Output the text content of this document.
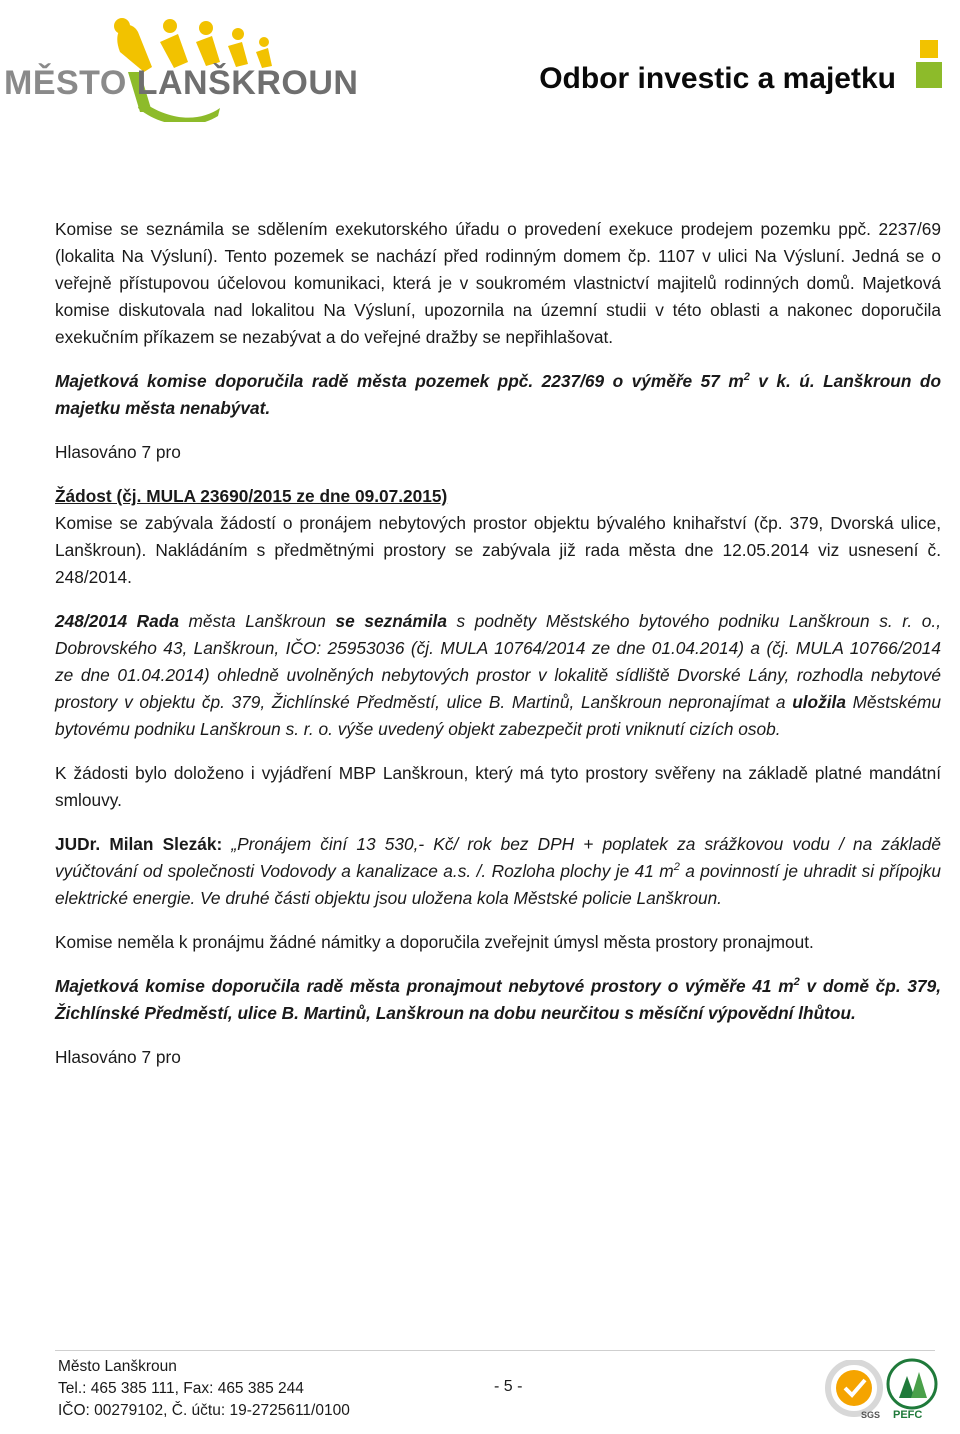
MĚSTO LANŠKROUN	Odbor investic a majetku

Komise se seznámila se sdělením exekutorského úřadu o provedení exekuce prodejem pozemku ppč. 2237/69 (lokalita Na Výsluní). Tento pozemek se nachází před rodinným domem čp. 1107 v ulici Na Výsluní. Jedná se o veřejně přístupovou účelovou komunikaci, která je v soukromém vlastnictví majitelů rodinných domů. Majetková komise diskutovala nad lokalitou Na Výsluní, upozornila na územní studii v této oblasti a nakonec doporučila exekučním příkazem se nezabývat a do veřejné dražby se nepřihlašovat.

Majetková komise doporučila radě města pozemek ppč. 2237/69 o výměře 57 $m^2$ v k. ú. Lanškroun do majetku města nenabývat.

Hlasováno 7 pro

Žádost (čj. MULA 23690/2015 ze dne 09.07.2015)

Komise se zabývala žádostí o pronájem nebytových prostor objektu bývalého knihařství (čp. 379, Dvorská ulice, Lanškroun). Nakládáním s předmětnými prostory se zabývala již rada města dne 12.05.2014 viz usnesení č. 248/2014.

248/2014 Rada města Lanškroun se seznámila s podněty Městského bytového podniku Lanškroun s. r. o., Dobrovského 43, Lanškroun, IČO: 25953036 (čj. MULA 10764/2014 ze dne 01.04.2014) a (čj. MULA 10766/2014 ze dne 01.04.2014) ohledně uvolněných nebytových prostor v lokalitě sídliště Dvorské Lány, rozhodla nebytové prostory v objektu čp. 379, Žichlínské Předměstí, ulice B. Martinů, Lanškroun nepronajímat a uložila Městskému bytovému podniku Lanškroun s. r. o. výše uvedený objekt zabezpečit proti vniknutí cizích osob.

K žádosti bylo doloženo i vyjádření MBP Lanškroun, který má tyto prostory svěřeny na základě platné mandátní smlouvy.

JUDr. Milan Slezák: „Pronájem činí 13 530,- Kč/ rok bez DPH + poplatek za srážkovou vodu / na základě vyúčtování od společnosti Vodovody a kanalizace a.s. /. Rozloha plochy je 41 $m^2$ a povinností je uhradit si přípojku elektrické energie. Ve druhé části objektu jsou uložena kola Městské policie Lanškroun.

Komise neměla k pronájmu žádné námitky a doporučila zveřejnit úmysl města prostory pronajmout.

Majetková komise doporučila radě města pronajmout nebytové prostory o výměře 41 $m^2$ v domě čp. 379, Žichlínské Předměstí, ulice B. Martinů, Lanškroun na dobu neurčitou s měsíční výpovědní lhůtou.

Hlasováno 7 pro

Město Lanškroun
Tel.: 465 385 111, Fax: 465 385 244
IČO: 00279102, Č. účtu: 19-2725611/0100
- 5 -
SGS PEFC
